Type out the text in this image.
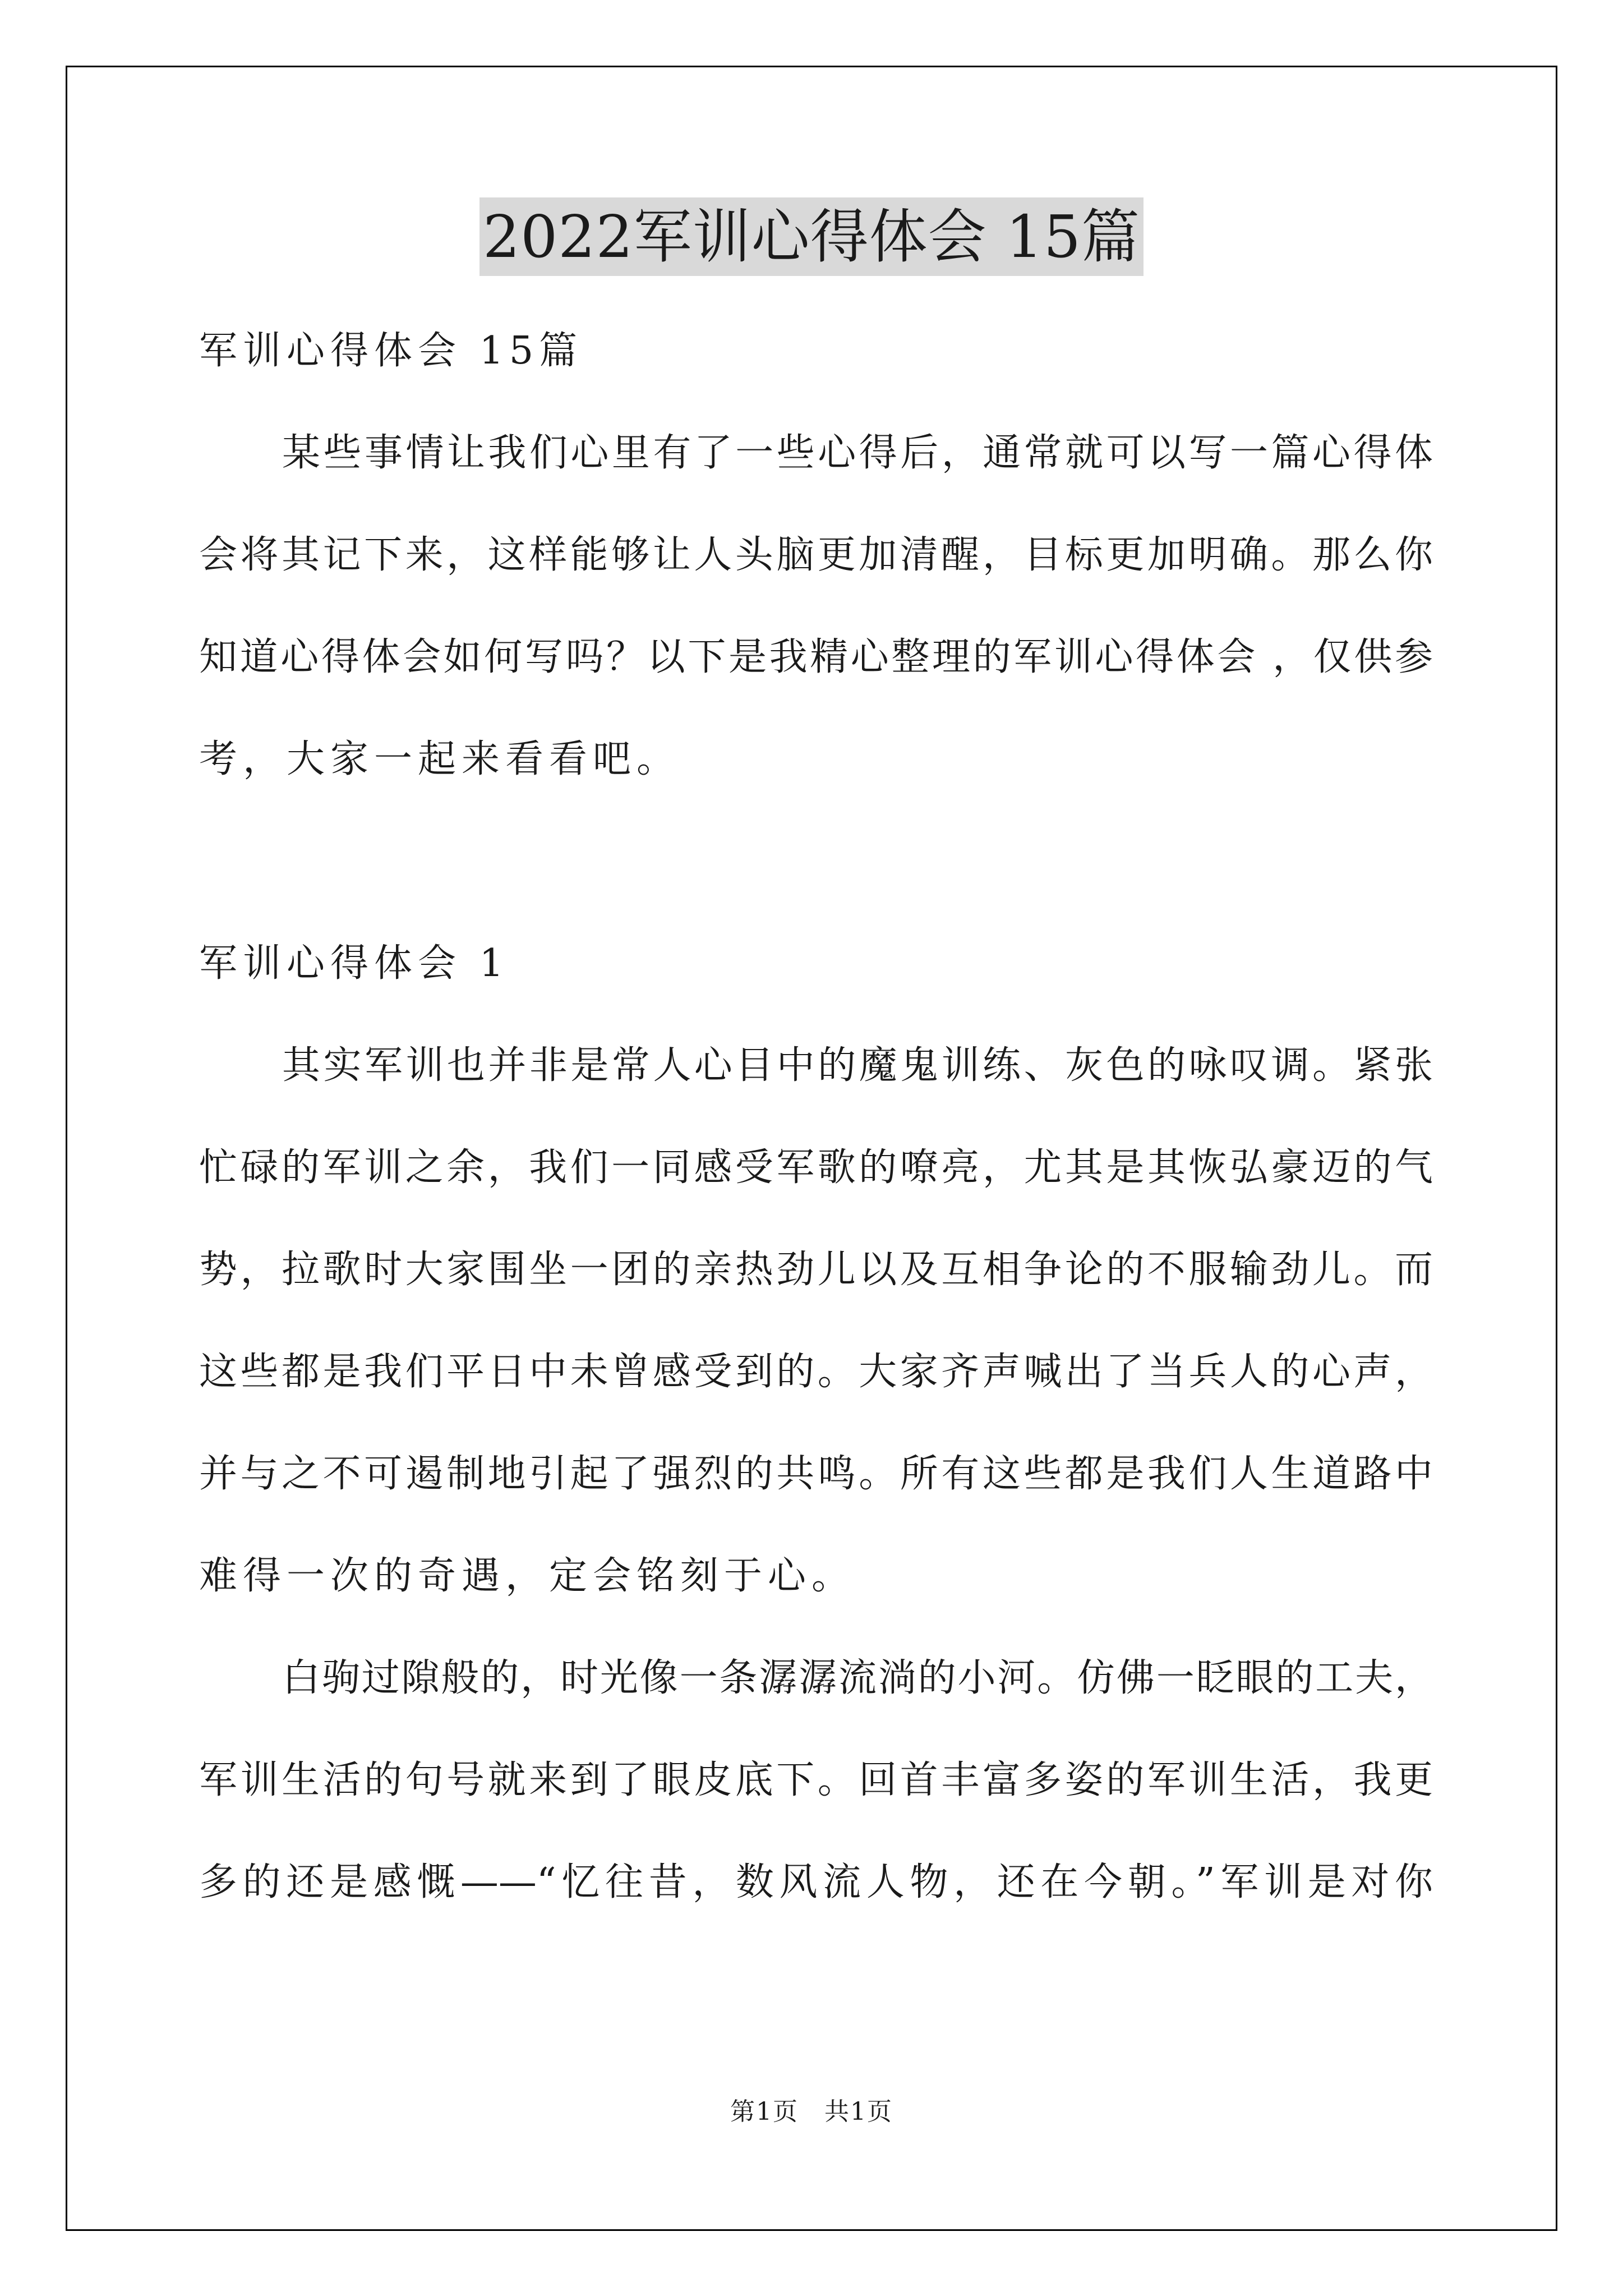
2022军训心得体会 15篇
军训心得体会 15篇
某些事情让我们心里有了一些心得后，通常就可以写一篇心得体
会将其记下来，这样能够让人头脑更加清醒，目标更加明确。那么你
知道心得体会如何写吗？以下是我精心整理的军训心得体会 ，仅供参
考，大家一起来看看吧。
军训心得体会 1
其实军训也并非是常人心目中的魔鬼训练、灰色的咏叹调。紧张
忙碌的军训之余，我们一同感受军歌的嘹亮，尤其是其恢弘豪迈的气
势，拉歌时大家围坐一团的亲热劲儿以及互相争论的不服输劲儿。而
这些都是我们平日中未曾感受到的。大家齐声喊出了当兵人的心声，
并与之不可遏制地引起了强烈的共鸣。所有这些都是我们人生道路中
难得一次的奇遇，定会铭刻于心。
白驹过隙般的，时光像一条潺潺流淌的小河。仿佛一眨眼的工夫，
军训生活的句号就来到了眼皮底下。回首丰富多姿的军训生活，我更
多的还是感慨——“忆往昔，数风流人物，还在今朝。”军训是对你
第1页　共1页
